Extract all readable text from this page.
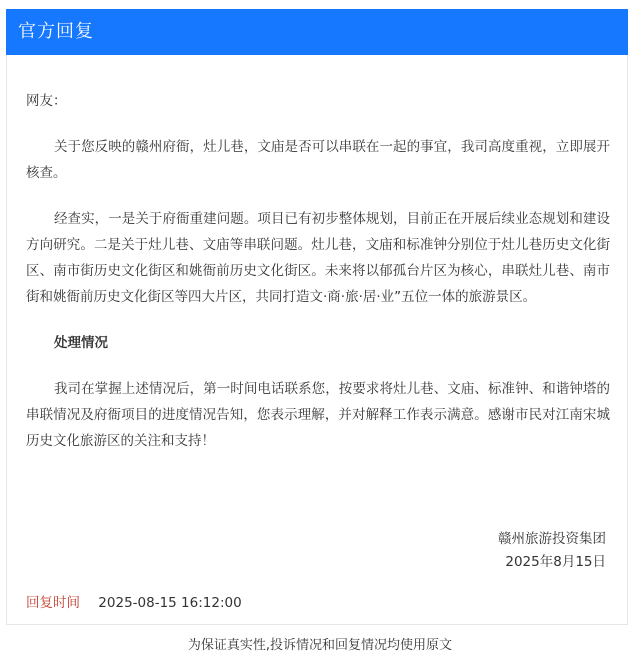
官方回复

网友：

关于您反映的赣州府衙，灶儿巷，文庙是否可以串联在一起的事宜，我司高度重视，立即展开核查。

经查实，一是关于府衙重建问题。项目已有初步整体规划，目前正在开展后续业态规划和建设方向研究。二是关于灶儿巷、文庙等串联问题。灶儿巷，文庙和标准钟分别位于灶儿巷历史文化街区、南市街历史文化街区和姚衙前历史文化街区。未来将以郁孤台片区为核心，串联灶儿巷、南市街和姚衙前历史文化街区等四大片区，共同打造文·商·旅·居·业”五位一体的旅游景区。

处理情况

我司在掌握上述情况后，第一时间电话联系您，按要求将灶儿巷、文庙、标准钟、和谐钟塔的串联情况及府衙项目的进度情况告知，您表示理解，并对解释工作表示满意。感谢市民对江南宋城历史文化旅游区的关注和支持！

赣州旅游投资集团
2025年8月15日
回复时间 2025-08-15 16:12:00
为保证真实性,投诉情况和回复情况均使用原文
